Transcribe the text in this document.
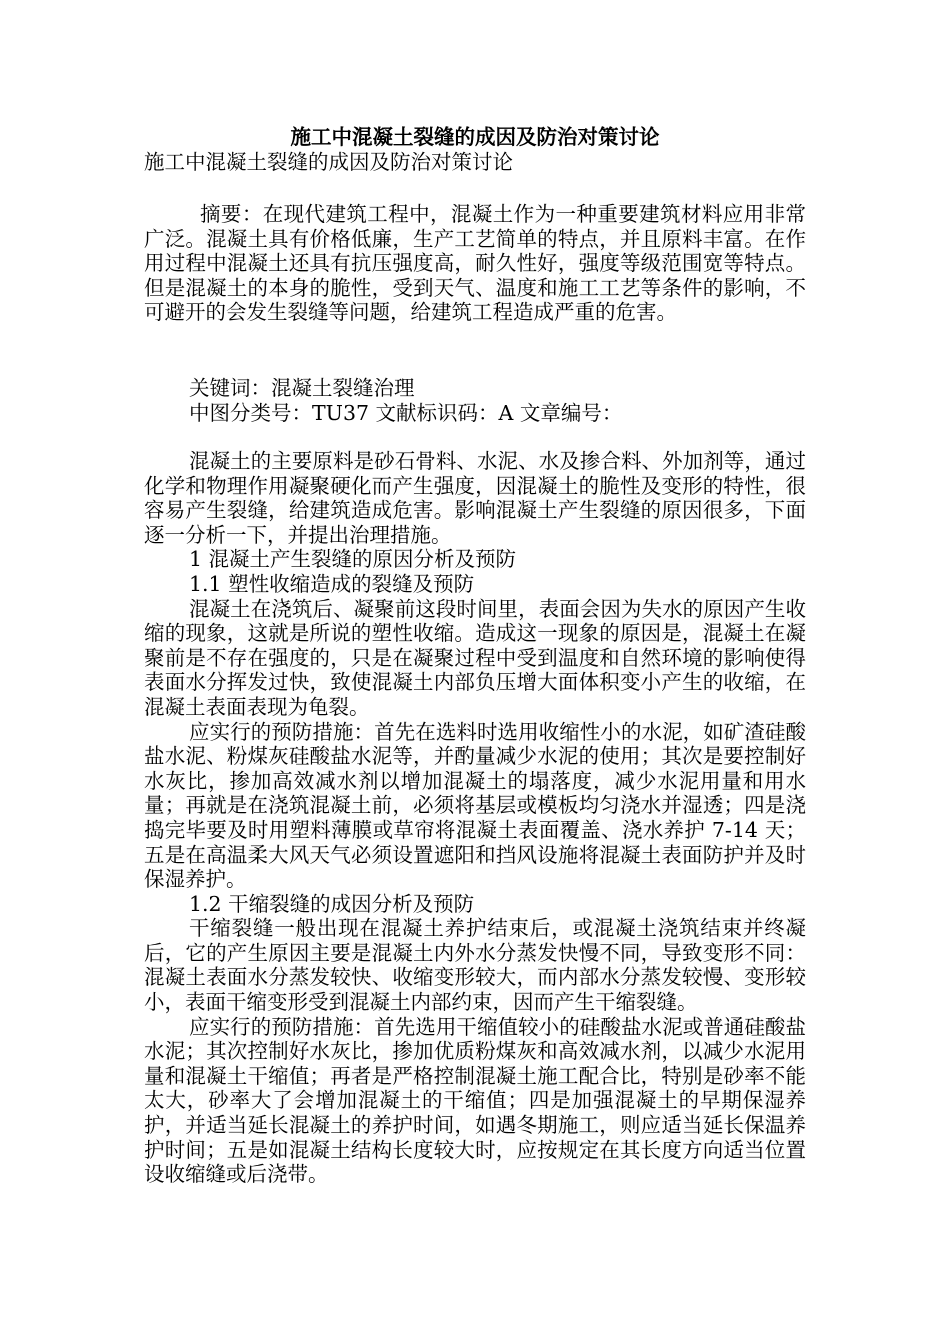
施工中混凝土裂缝的成因及防治对策讨论

施工中混凝土裂缝的成因及防治对策讨论

摘要：在现代建筑工程中，混凝土作为一种重要建筑材料应用非常广泛。混凝土具有价格低廉，生产工艺简单的特点，并且原料丰富。在作用过程中混凝土还具有抗压强度高，耐久性好，强度等级范围宽等特点。但是混凝土的本身的脆性，受到天气、温度和施工工艺等条件的影响，不可避开的会发生裂缝等问题，给建筑工程造成严重的危害。

关键词：混凝土裂缝治理

中图分类号：TU37 文献标识码：A 文章编号：

混凝土的主要原料是砂石骨料、水泥、水及掺合料、外加剂等，通过化学和物理作用凝聚硬化而产生强度，因混凝土的脆性及变形的特性，很容易产生裂缝，给建筑造成危害。影响混凝土产生裂缝的原因很多，下面逐一分析一下，并提出治理措施。

1 混凝土产生裂缝的原因分析及预防

1.1 塑性收缩造成的裂缝及预防

混凝土在浇筑后、凝聚前这段时间里，表面会因为失水的原因产生收缩的现象，这就是所说的塑性收缩。造成这一现象的原因是，混凝土在凝聚前是不存在强度的，只是在凝聚过程中受到温度和自然环境的影响使得表面水分挥发过快，致使混凝土内部负压增大面体积变小产生的收缩，在混凝土表面表现为龟裂。

应实行的预防措施：首先在选料时选用收缩性小的水泥，如矿渣硅酸盐水泥、粉煤灰硅酸盐水泥等，并酌量减少水泥的使用；其次是要控制好水灰比，掺加高效减水剂以增加混凝土的塌落度，减少水泥用量和用水量；再就是在浇筑混凝土前，必须将基层或模板均匀浇水并湿透；四是浇捣完毕要及时用塑料薄膜或草帘将混凝土表面覆盖、浇水养护 7-14 天；五是在高温柔大风天气必须设置遮阳和挡风设施将混凝土表面防护并及时保湿养护。

1.2 干缩裂缝的成因分析及预防

干缩裂缝一般出现在混凝土养护结束后，或混凝土浇筑结束并终凝后，它的产生原因主要是混凝土内外水分蒸发快慢不同，导致变形不同：混凝土表面水分蒸发较快、收缩变形较大，而内部水分蒸发较慢、变形较小，表面干缩变形受到混凝土内部约束，因而产生干缩裂缝。

应实行的预防措施：首先选用干缩值较小的硅酸盐水泥或普通硅酸盐水泥；其次控制好水灰比，掺加优质粉煤灰和高效减水剂，以减少水泥用量和混凝土干缩值；再者是严格控制混凝土施工配合比，特别是砂率不能太大，砂率大了会增加混凝土的干缩值；四是加强混凝土的早期保湿养护，并适当延长混凝土的养护时间，如遇冬期施工，则应适当延长保温养护时间；五是如混凝土结构长度较大时，应按规定在其长度方向适当位置设收缩缝或后浇带。
